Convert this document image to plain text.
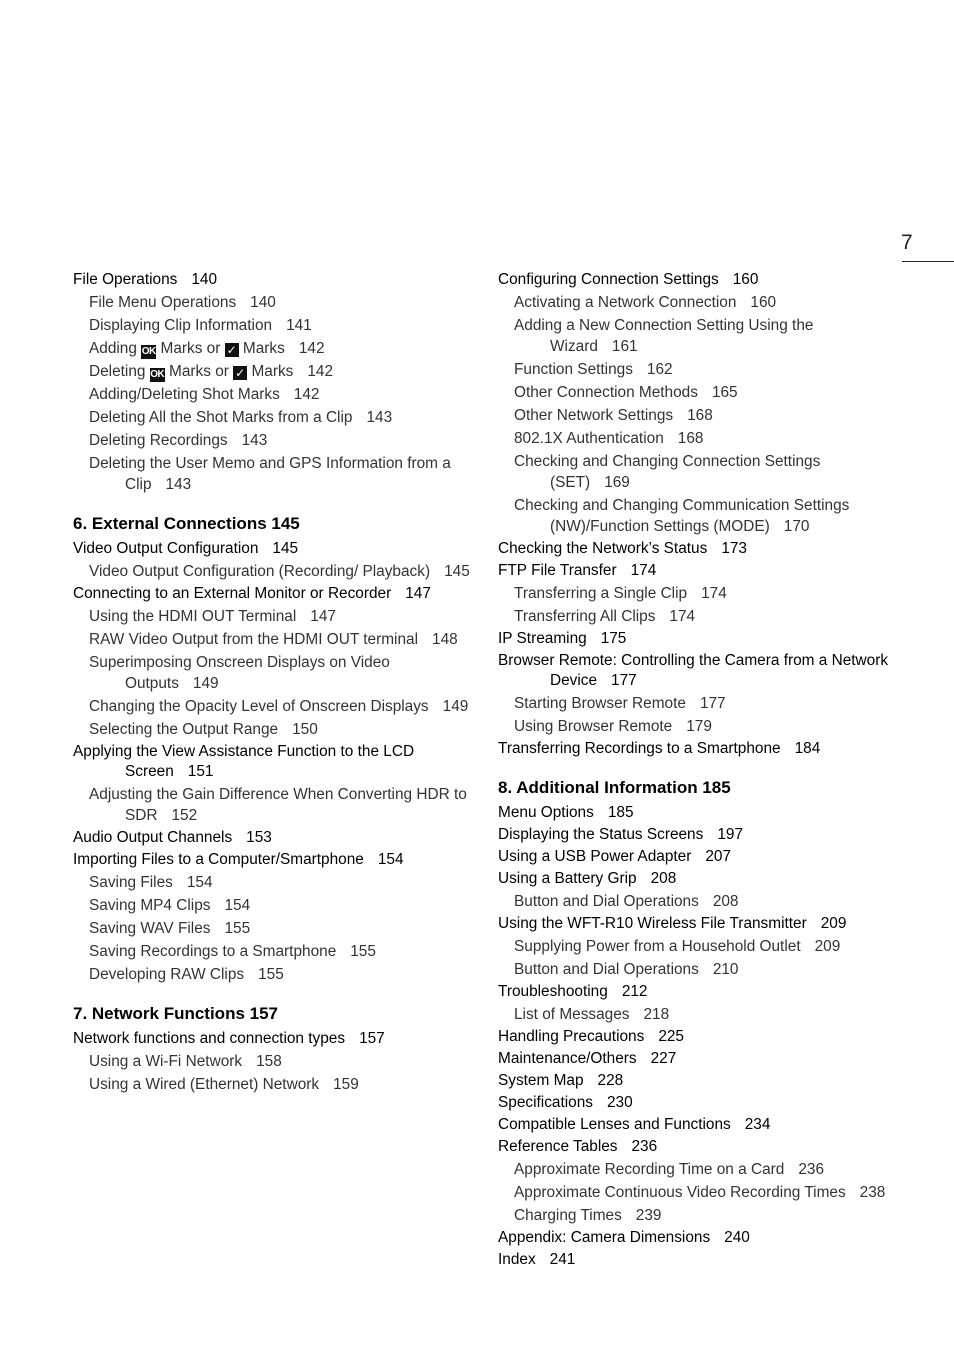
7
File Operations 140
File Menu Operations 140
Displaying Clip Information 141
Adding OK Marks or ✓ Marks 142
Deleting OK Marks or ✓ Marks 142
Adding/Deleting Shot Marks 142
Deleting All the Shot Marks from a Clip 143
Deleting Recordings 143
Deleting the User Memo and GPS Information from a Clip 143
6. External Connections 145
Video Output Configuration 145
Video Output Configuration (Recording/ Playback) 145
Connecting to an External Monitor or Recorder 147
Using the HDMI OUT Terminal 147
RAW Video Output from the HDMI OUT terminal 148
Superimposing Onscreen Displays on Video Outputs 149
Changing the Opacity Level of Onscreen Displays 149
Selecting the Output Range 150
Applying the View Assistance Function to the LCD Screen 151
Adjusting the Gain Difference When Converting HDR to SDR 152
Audio Output Channels 153
Importing Files to a Computer/Smartphone 154
Saving Files 154
Saving MP4 Clips 154
Saving WAV Files 155
Saving Recordings to a Smartphone 155
Developing RAW Clips 155
7. Network Functions 157
Network functions and connection types 157
Using a Wi-Fi Network 158
Using a Wired (Ethernet) Network 159
Configuring Connection Settings 160
Activating a Network Connection 160
Adding a New Connection Setting Using the Wizard 161
Function Settings 162
Other Connection Methods 165
Other Network Settings 168
802.1X Authentication 168
Checking and Changing Connection Settings (SET) 169
Checking and Changing Communication Settings (NW)/Function Settings (MODE) 170
Checking the Network’s Status 173
FTP File Transfer 174
Transferring a Single Clip 174
Transferring All Clips 174
IP Streaming 175
Browser Remote: Controlling the Camera from a Network Device 177
Starting Browser Remote 177
Using Browser Remote 179
Transferring Recordings to a Smartphone 184
8. Additional Information 185
Menu Options 185
Displaying the Status Screens 197
Using a USB Power Adapter 207
Using a Battery Grip 208
Button and Dial Operations 208
Using the WFT-R10 Wireless File Transmitter 209
Supplying Power from a Household Outlet 209
Button and Dial Operations 210
Troubleshooting 212
List of Messages 218
Handling Precautions 225
Maintenance/Others 227
System Map 228
Specifications 230
Compatible Lenses and Functions 234
Reference Tables 236
Approximate Recording Time on a Card 236
Approximate Continuous Video Recording Times 238
Charging Times 239
Appendix: Camera Dimensions 240
Index 241
